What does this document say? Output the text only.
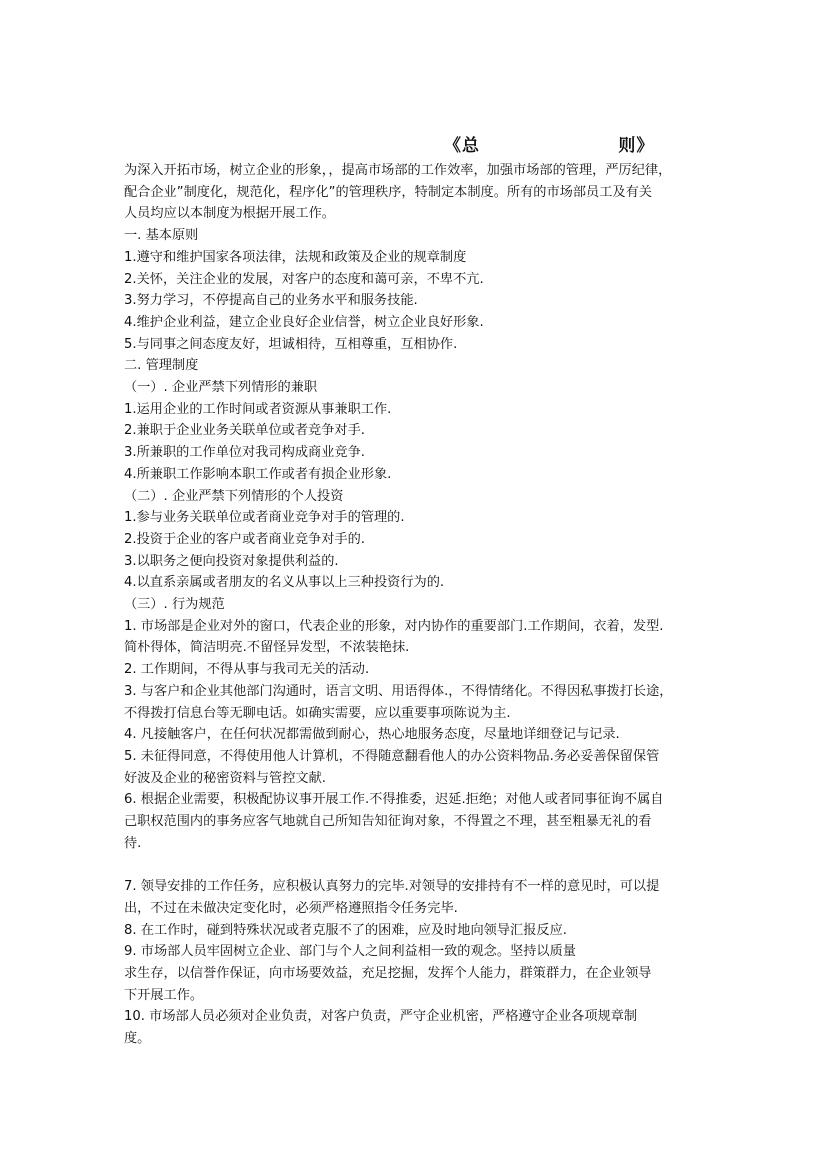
《总                    则》
为深入开拓市场，树立企业的形象，，提高市场部的工作效率，加强市场部的管理，严厉纪律，
配合企业”制度化，规范化，程序化”的管理秩序，特制定本制度。所有的市场部员工及有关
人员均应以本制度为根据开展工作。
一. 基本原则
1.遵守和维护国家各项法律，法规和政策及企业的规章制度
2.关怀，关注企业的发展，对客户的态度和蔼可亲，不卑不亢.
3.努力学习，不停提高自己的业务水平和服务技能.
4.维护企业利益，建立企业良好企业信誉，树立企业良好形象.
5.与同事之间态度友好，坦诚相待，互相尊重，互相协作.
二. 管理制度
（一）. 企业严禁下列情形的兼职
1.运用企业的工作时间或者资源从事兼职工作.
2.兼职于企业业务关联单位或者竞争对手.
3.所兼职的工作单位对我司构成商业竞争.
4.所兼职工作影响本职工作或者有损企业形象.
（二）. 企业严禁下列情形的个人投资
1.参与业务关联单位或者商业竞争对手的管理的.
2.投资于企业的客户或者商业竞争对手的.
3.以职务之便向投资对象提供利益的.
4.以直系亲属或者朋友的名义从事以上三种投资行为的.
（三）. 行为规范
1. 市场部是企业对外的窗口，代表企业的形象，对内协作的重要部门.工作期间，衣着，发型.
简朴得体，简洁明亮.不留怪异发型，不浓装艳抹.
2. 工作期间，不得从事与我司无关的活动.
3. 与客户和企业其他部门沟通时，语言文明、用语得体.，不得情绪化。不得因私事拨打长途，
不得拨打信息台等无聊电话。如确实需要，应以重要事项陈说为主.
4. 凡接触客户，在任何状况都需做到耐心，热心地服务态度，尽量地详细登记与记录.
5. 未征得同意，不得使用他人计算机，不得随意翻看他人的办公资料物品.务必妥善保留保管
好波及企业的秘密资料与管控文献.
6. 根据企业需要，积极配协议事开展工作.不得推委，迟延.拒绝；对他人或者同事征询不属自
己职权范围内的事务应客气地就自己所知告知征询对象，不得置之不理，甚至粗暴无礼的看
待.
7. 领导安排的工作任务，应积极认真努力的完毕.对领导的安排持有不一样的意见时，可以提
出，不过在未做决定变化时，必须严格遵照指令任务完毕.
8. 在工作时，碰到特殊状况或者克服不了的困难，应及时地向领导汇报反应.
9. 市场部人员牢固树立企业、部门与个人之间利益相一致的观念。坚持以质量
求生存，以信誉作保证，向市场要效益，充足挖掘，发挥个人能力，群策群力，在企业领导
下开展工作。
10. 市场部人员必须对企业负责，对客户负责，严守企业机密，严格遵守企业各项规章制
度。
